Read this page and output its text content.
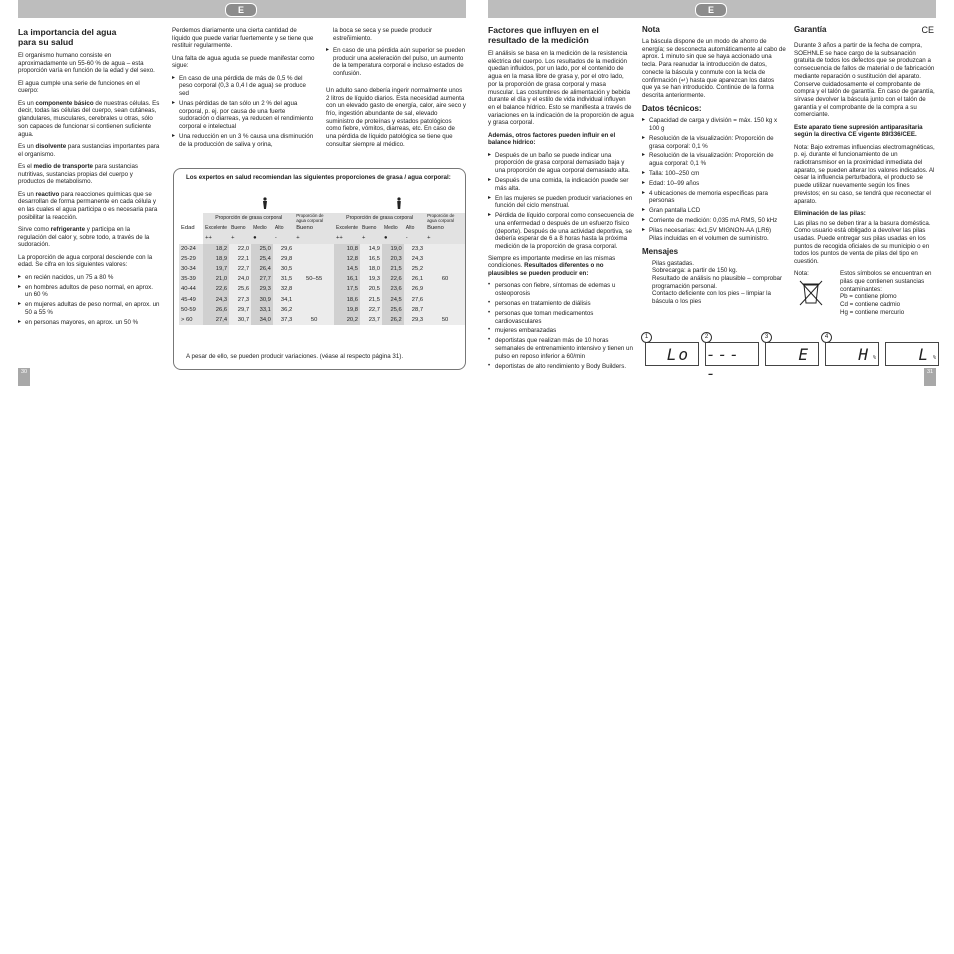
E
La importancia del agua
para su salud

El organismo humano consiste en aproximadamente un 55-60 % de agua – esta proporción varía en función de la edad y del sexo.

El agua cumple una serie de funciones en el cuerpo:

Es un componente básico de nuestras células. Es decir, todas las células del cuerpo, sean cutáneas, glandulares, musculares, cerebrales u otras, sólo son capaces de funcionar si contienen suficiente agua.

Es un disolvente para sustancias importantes para el organismo.

Es el medio de transporte para sustancias nutritivas, sustancias propias del cuerpo y productos de metabolismo.

Es un reactivo para reacciones químicas que se desarrollan de forma permanente en cada célula y en las cuales el agua participa o es necesaria para posibilitar la reacción.

Sirve como refrigerante y participa en la regulación del calor y, sobre todo, a través de la sudoración.

La proporción de agua corporal desciende con la edad. Se cifra en los siguientes valores:

▸ en recién nacidos, un 75 a 80 %
▸ en hombres adultos de peso normal, en aprox. un 60 %
▸ en mujeres adultas de peso normal, en aprox. un 50 a 55 %
▸ en personas mayores, en aprox. un 50 %

Perdemos diariamente una cierta cantidad de líquido que puede variar fuertemente y se tiene que restituir regularmente.

Una falta de agua aguda se puede manifestar como sigue:

▸ En caso de una pérdida de más de 0,5 % del peso corporal (0,3 a 0,4 l de agua) se produce sed
▸ Unas pérdidas de tan sólo un 2 % del agua corporal, p. ej. por causa de una fuerte sudoración o diarreas, ya reducen el rendimiento corporal e intelectual
▸ Una reducción en un 3 % causa una disminución de la producción de saliva y orina,

la boca se seca y se puede producir estreñimiento.

▸ En caso de una pérdida aún superior se pueden producir una aceleración del pulso, un aumento de la temperatura corporal e incluso estados de confusión.

Un adulto sano debería ingerir normalmente unos 2 litros de líquido diarios. Esta necesidad aumenta con un elevado gasto de energía, calor, aire seco y frío, ingestión abundante de sal, elevado suministro de proteínas y estados patológicos como fiebre, vómitos, diarreas, etc. En caso de una pérdida de líquido patológica se tiene que consultar siempre al médico.

Los expertos en salud recomiendan las siguientes proporciones de grasa / agua corporal:
	Proporción de grasa corporal				Proporción de agua corporal	Proporción de grasa corporal				Proporción de agua corporal
Edad	Excelente	Bueno	Medio	Alto	Bueno	Excelente	Bueno	Medio	Alto	Bueno
	++	+	●	-	+	++	+	●	-	+
20-24	18,2	22,0	25,0	29,6	50–55	10,8	14,9	19,0	23,3	60
25-29	18,9	22,1	25,4	29,8		12,8	16,5	20,3	24,3	
30-34	19,7	22,7	26,4	30,5		14,5	18,0	21,5	25,2	
35-39	21,0	24,0	27,7	31,5		16,1	19,3	22,6	26,1	
40-44	22,6	25,6	29,3	32,8		17,5	20,5	23,6	26,9	
45-49	24,3	27,3	30,9	34,1		18,6	21,5	24,5	27,6	
50-59	26,6	29,7	33,1	36,2		19,8	22,7	25,6	28,7	
> 60	27,4	30,7	34,0	37,3	50	20,2	23,7	26,2	29,3	50
A pesar de ello, se pueden producir variaciones. (véase al respecto página 31).
30
E
Factores que influyen en el
resultado de la medición

El análisis se basa en la medición de la resistencia eléctrica del cuerpo. Los resultados de la medición quedan influidos, por un lado, por el contenido de agua en la masa libre de grasa y, por el otro lado, por la proporción de grasa corporal y masa muscular. Las costumbres de alimentación y bebida durante el día y el estilo de vida individual influyen en el balance hídrico. Esto se manifiesta a través de variaciones en la indicación de la proporción de agua y grasa corporal.

Además, otros factores pueden influir en el balance hídrico:

▸ Después de un baño se puede indicar una proporción de grasa corporal demasiado baja y una proporción de agua corporal demasiado alta.
▸ Después de una comida, la indicación puede ser más alta.
▸ En las mujeres se pueden producir variaciones en función del ciclo menstrual.
▸ Pérdida de líquido corporal como consecuencia de una enfermedad o después de un esfuerzo físico (deporte). Después de una actividad deportiva, se debería esperar de 6 a 8 horas hasta la próxima medición de la proporción de grasa corporal.

Siempre es importante medirse en las mismas condiciones. Resultados diferentes o no plausibles se pueden producir en:

• personas con fiebre, síntomas de edemas u osteoporosis
• personas en tratamiento de diálisis
• personas que toman medicamentos cardiovasculares
• mujeres embarazadas
• deportistas que realizan más de 10 horas semanales de entrenamiento intensivo y tienen un pulso en reposo inferior a 60/min
• deportistas de alto rendimiento y Body Builders.
Nota

La báscula dispone de un modo de ahorro de energía; se desconecta automáticamente al cabo de aprox. 1 minuto sin que se haya accionado una tecla. Para reanudar la introducción de datos, conecte la báscula y conmute con la tecla de confirmación (↵) hasta que aparezcan los datos que ya se han introducido. Continúe de la forma descrita anteriormente.

Datos técnicos:
▸ Capacidad de carga y división = máx. 150 kg x 100 g
▸ Resolución de la visualización: Proporción de grasa corporal: 0,1 %
▸ Resolución de la visualización: Proporción de agua corporal: 0,1 %
▸ Talla: 100–250 cm
▸ Edad: 10–99 años
▸ 4 ubicaciones de memoria específicas para personas
▸ Gran pantalla LCD
▸ Corriente de medición: 0,035 mA RMS, 50 kHz
▸ Pilas necesarias: 4x1,5V MIGNON-AA (LR6) Pilas incluidas en el volumen de suministro.
Mensajes
Pilas gastadas.
Sobrecarga: a partir de 150 kg.
Resultado de análisis no plausible – comprobar programación personal.
Contacto deficiente con los pies – limpiar la báscula o los pies
Garantía	CE

Durante 3 años a partir de la fecha de compra, SOEHNLE se hace cargo de la subsanación gratuita de todos los defectos que se produzcan a consecuencia de fallos de material o de fabricación mediante reparación o sustitución del aparato. Conserve cuidadosamente el comprobante de compra y el talón de garantía. En caso de garantía, sírvase devolver la báscula junto con el talón de garantía y el comprobante de la compra a su comerciante.

Este aparato tiene supresión antiparasitaria según la directiva CE vigente 89/336/CEE.

Nota: Bajo extremas influencias electromagnéticas, p. ej. durante el funcionamiento de un radiotransmisor en la proximidad inmediata del aparato, se pueden alterar los valores indicados. Al cesar la influencia perturbadora, el producto se puede utilizar nuevamente según los fines previstos; en su caso, se tendrá que reconectar el aparato.

Eliminación de las pilas:

Las pilas no se deben tirar a la basura doméstica. Como usuario está obligado a devolver las pilas usadas. Puede entregar sus pilas usadas en los puntos de recogida oficiales de su municipio o en todos los puntos de venta de pilas del tipo en cuestión.

Nota:	Estos símbolos se encuentran en pilas que contienen sustancias contaminantes:
Pb = contiene plomo
Cd = contiene cadmio
Hg = contiene mercurio
Lo
1
----
2
E
3
H %
4
L %
31
